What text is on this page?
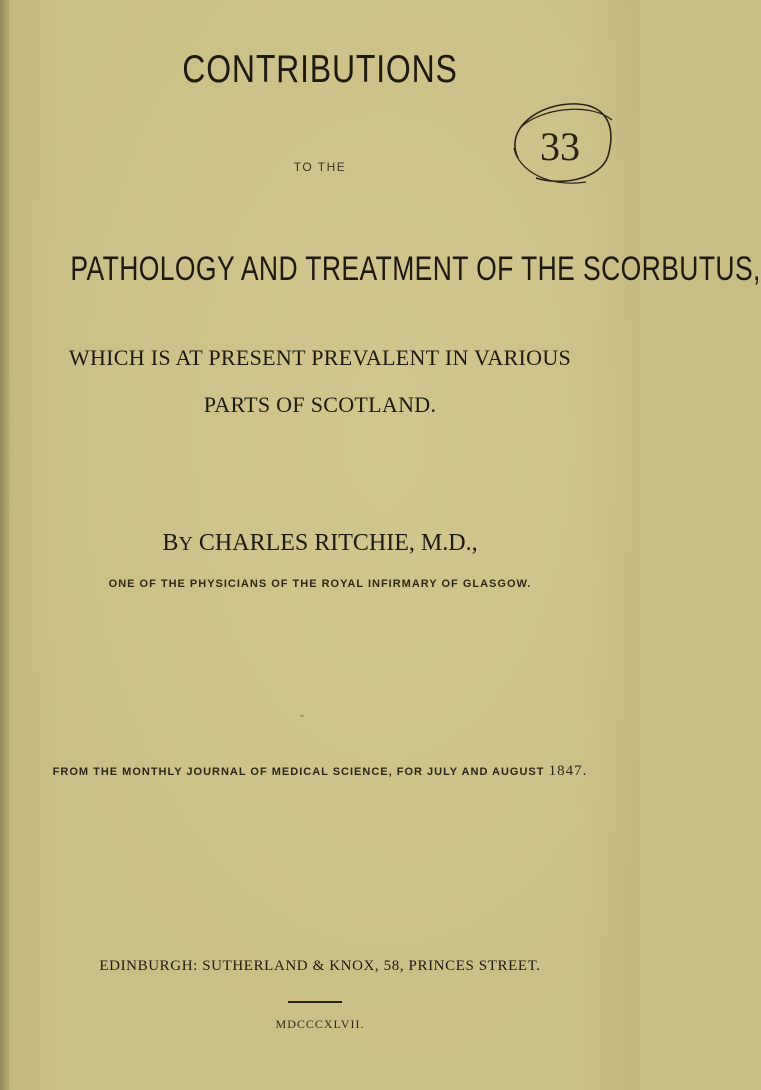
CONTRIBUTIONS
TO THE	33
PATHOLOGY AND TREATMENT OF THE SCORBUTUS,
WHICH IS AT PRESENT PREVALENT IN VARIOUS
PARTS OF SCOTLAND.
BY CHARLES RITCHIE, M.D.,
ONE OF THE PHYSICIANS OF THE ROYAL INFIRMARY OF GLASGOW.
˜
FROM THE MONTHLY JOURNAL OF MEDICAL SCIENCE, FOR JULY AND AUGUST 1847.
EDINBURGH: SUTHERLAND & KNOX, 58, PRINCES STREET.
MDCCCXLVII.
